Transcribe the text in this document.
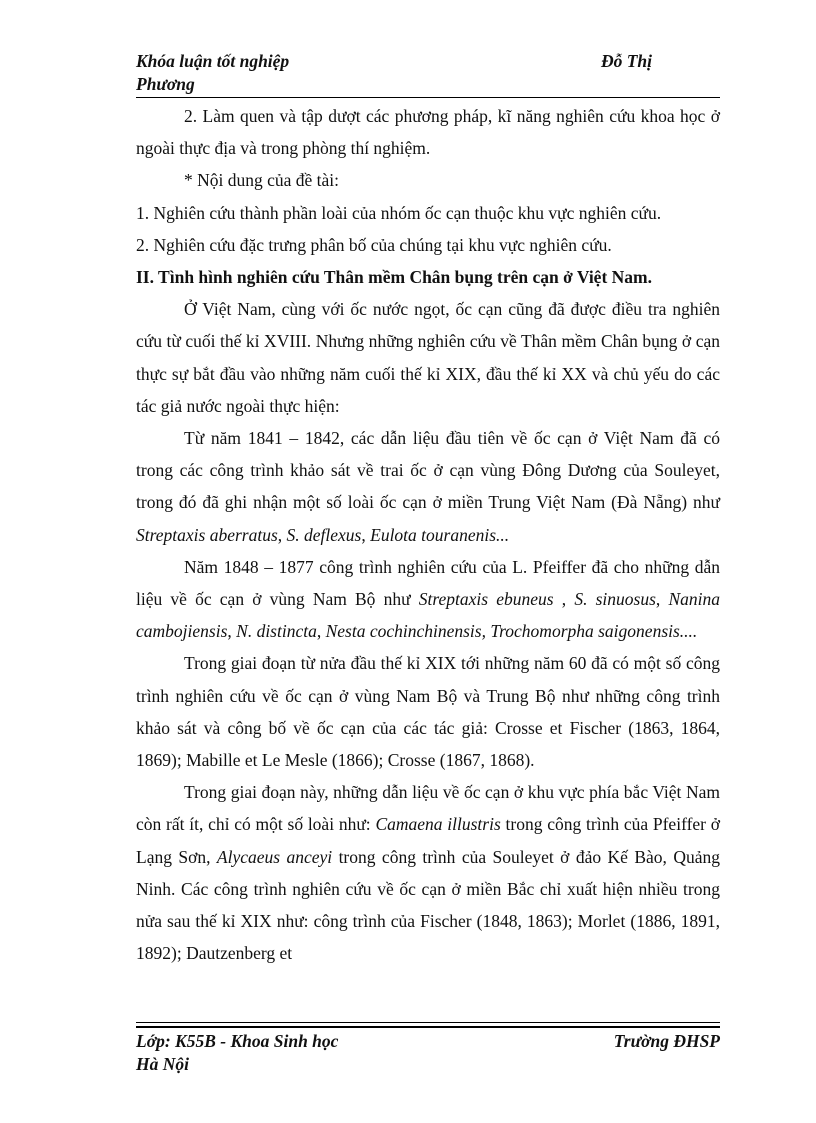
Khóa luận tốt nghiệp	Đỗ Thị
Phương

2. Làm quen và tập dượt các phương pháp, kĩ năng nghiên cứu khoa học ở ngoài thực địa và trong phòng thí nghiệm.

* Nội dung của đề tài:

1. Nghiên cứu thành phần loài của nhóm ốc cạn thuộc khu vực nghiên cứu.

2. Nghiên cứu đặc trưng phân bố của chúng tại khu vực nghiên cứu.

II. Tình hình nghiên cứu Thân mềm Chân bụng trên cạn ở Việt Nam.

Ở Việt Nam, cùng với ốc nước ngọt, ốc cạn cũng đã được điều tra nghiên cứu từ cuối thế kỉ XVIII. Nhưng những nghiên cứu về Thân mềm Chân bụng ở cạn thực sự bắt đầu vào những năm cuối thế kỉ XIX, đầu thế kỉ XX và chủ yếu do các tác giả nước ngoài thực hiện:

Từ năm 1841 – 1842, các dẫn liệu đầu tiên về ốc cạn ở Việt Nam đã có trong các công trình khảo sát về trai ốc ở cạn vùng Đông Dương của Souleyet, trong đó đã ghi nhận một số loài ốc cạn ở miền Trung Việt Nam (Đà Nẵng) như Streptaxis aberratus, S. deflexus, Eulota touranenis...

Năm 1848 – 1877 công trình nghiên cứu của L. Pfeiffer đã cho những dẫn liệu về ốc cạn ở vùng Nam Bộ như Streptaxis ebuneus , S. sinuosus, Nanina cambojiensis, N. distincta, Nesta cochinchinensis, Trochomorpha saigonensis....

Trong giai đoạn từ nửa đầu thế kỉ XIX tới những năm 60 đã có một số công trình nghiên cứu về ốc cạn ở vùng Nam Bộ và Trung Bộ như những công trình khảo sát và công bố về ốc cạn của các tác giả: Crosse et Fischer (1863, 1864, 1869); Mabille et Le Mesle (1866); Crosse (1867, 1868).

Trong giai đoạn này, những dẫn liệu về ốc cạn ở khu vực phía bắc Việt Nam còn rất ít, chỉ có một số loài như: Camaena illustris trong công trình của Pfeiffer ở Lạng Sơn, Alycaeus anceyi trong công trình của Souleyet ở đảo Kế Bào, Quảng Ninh. Các công trình nghiên cứu về ốc cạn ở miền Bắc chỉ xuất hiện nhiều trong nửa sau thế kỉ XIX như: công trình của Fischer (1848, 1863); Morlet (1886, 1891, 1892); Dautzenberg et

Lớp: K55B - Khoa Sinh học	Trường ĐHSP
Hà Nội
